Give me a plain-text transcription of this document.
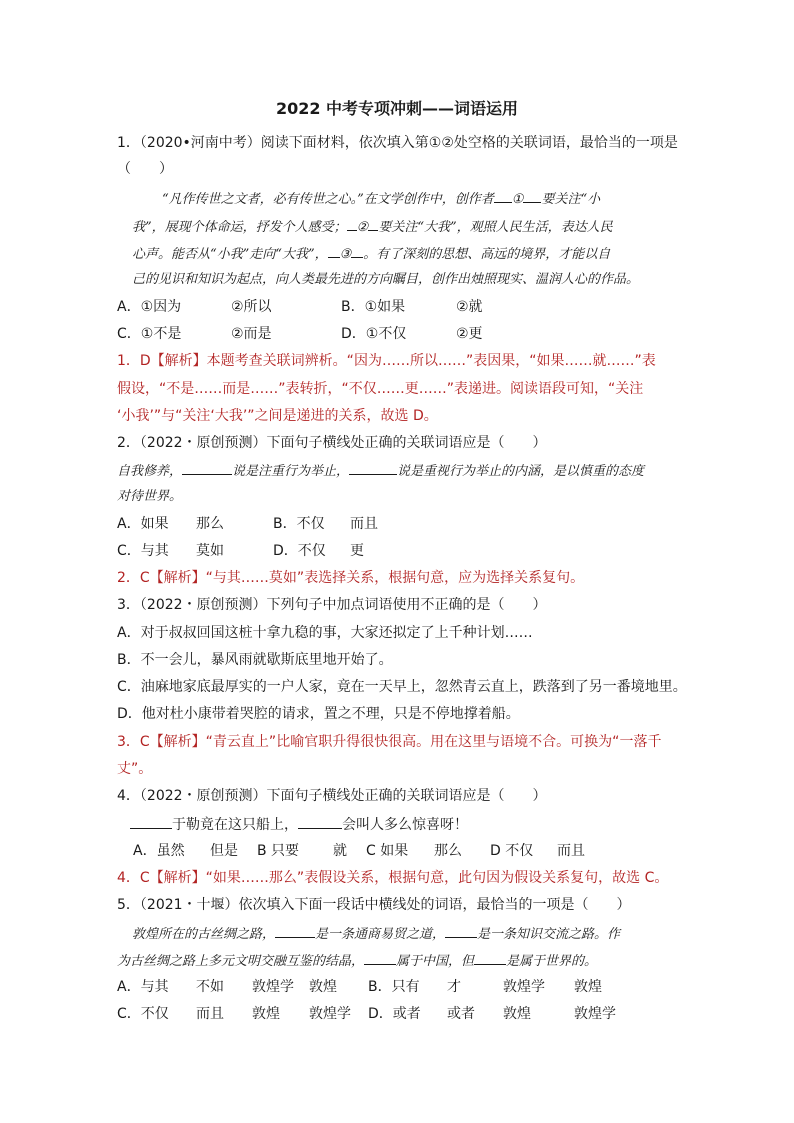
2022 中考专项冲刺——词语运用
1．（2020•河南中考）阅读下面材料，依次填入第①②处空格的关联词语，最恰当的一项是
（　　）
“凡作传世之文者，必有传世之心。”在文学创作中，创作者 ① 要关注“小
我”，展现个体命运，抒发个人感受； ② 要关注“大我”，观照人民生活，表达人民
心声。能否从“小我”走向“大我”， ③ 。有了深刻的思想、高远的境界，才能以自
己的见识和知识为起点，向人类最先进的方向瞩目，创作出烛照现实、温润人心的作品。
A．①因为	②所以	B．①如果	②就
C．①不是	②而是	D．①不仅	②更
1．D【解析】本题考查关联词辨析。“因为……所以……”表因果，“如果……就……”表
假设，“不是……而是……”表转折，“不仅……更……”表递进。阅读语段可知，“关注
‘小我’”与“关注‘大我’”之间是递进的关系，故选 D。
2．（2022・原创预测）下面句子横线处正确的关联词语应是（　　）
自我修养，	说是注重行为举止，	说是重视行为举止的内涵，是以慎重的态度
对待世界。
A．如果 那么	B．不仅 而且
C．与其 莫如	D．不仅 更
2．C【解析】“与其……莫如”表选择关系，根据句意，应为选择关系复句。
3．（2022・原创预测）下列句子中加点词语使用不正确的是（　　）
A．对于叔叔回国这桩十拿九稳的事，大家还拟定了上千种计划……
B．不一会儿，暴风雨就歇斯底里地开始了。
C．油麻地家底最厚实的一户人家，竟在一天早上，忽然青云直上，跌落到了另一番境地里。
D．他对杜小康带着哭腔的请求，置之不理，只是不停地撑着船。
3．C【解析】“青云直上”比喻官职升得很快很高。用在这里与语境不合。可换为“一落千
丈”。
4．（2022・原创预测）下面句子横线处正确的关联词语应是（　　）
于勒竟在这只船上，	会叫人多么惊喜呀！
A．虽然 但是 B 只要 就 C 如果 那么 D 不仅 而且
4．C【解析】“如果……那么”表假设关系，根据句意，此句因为假设关系复句，故选 C。
5．（2021・十堰）依次填入下面一段话中横线处的词语，最恰当的一项是（　　）
敦煌所在的古丝绸之路，	是一条通商易贸之道， 是一条知识交流之路。作
为古丝绸之路上多元文明交融互鉴的结晶， 属于中国，但 是属于世界的。
A．与其 不如 敦煌学 敦煌 B．只有 才	敦煌学 敦煌
C．不仅 而且 敦煌 敦煌学 D．或者 或者 敦煌	敦煌学
